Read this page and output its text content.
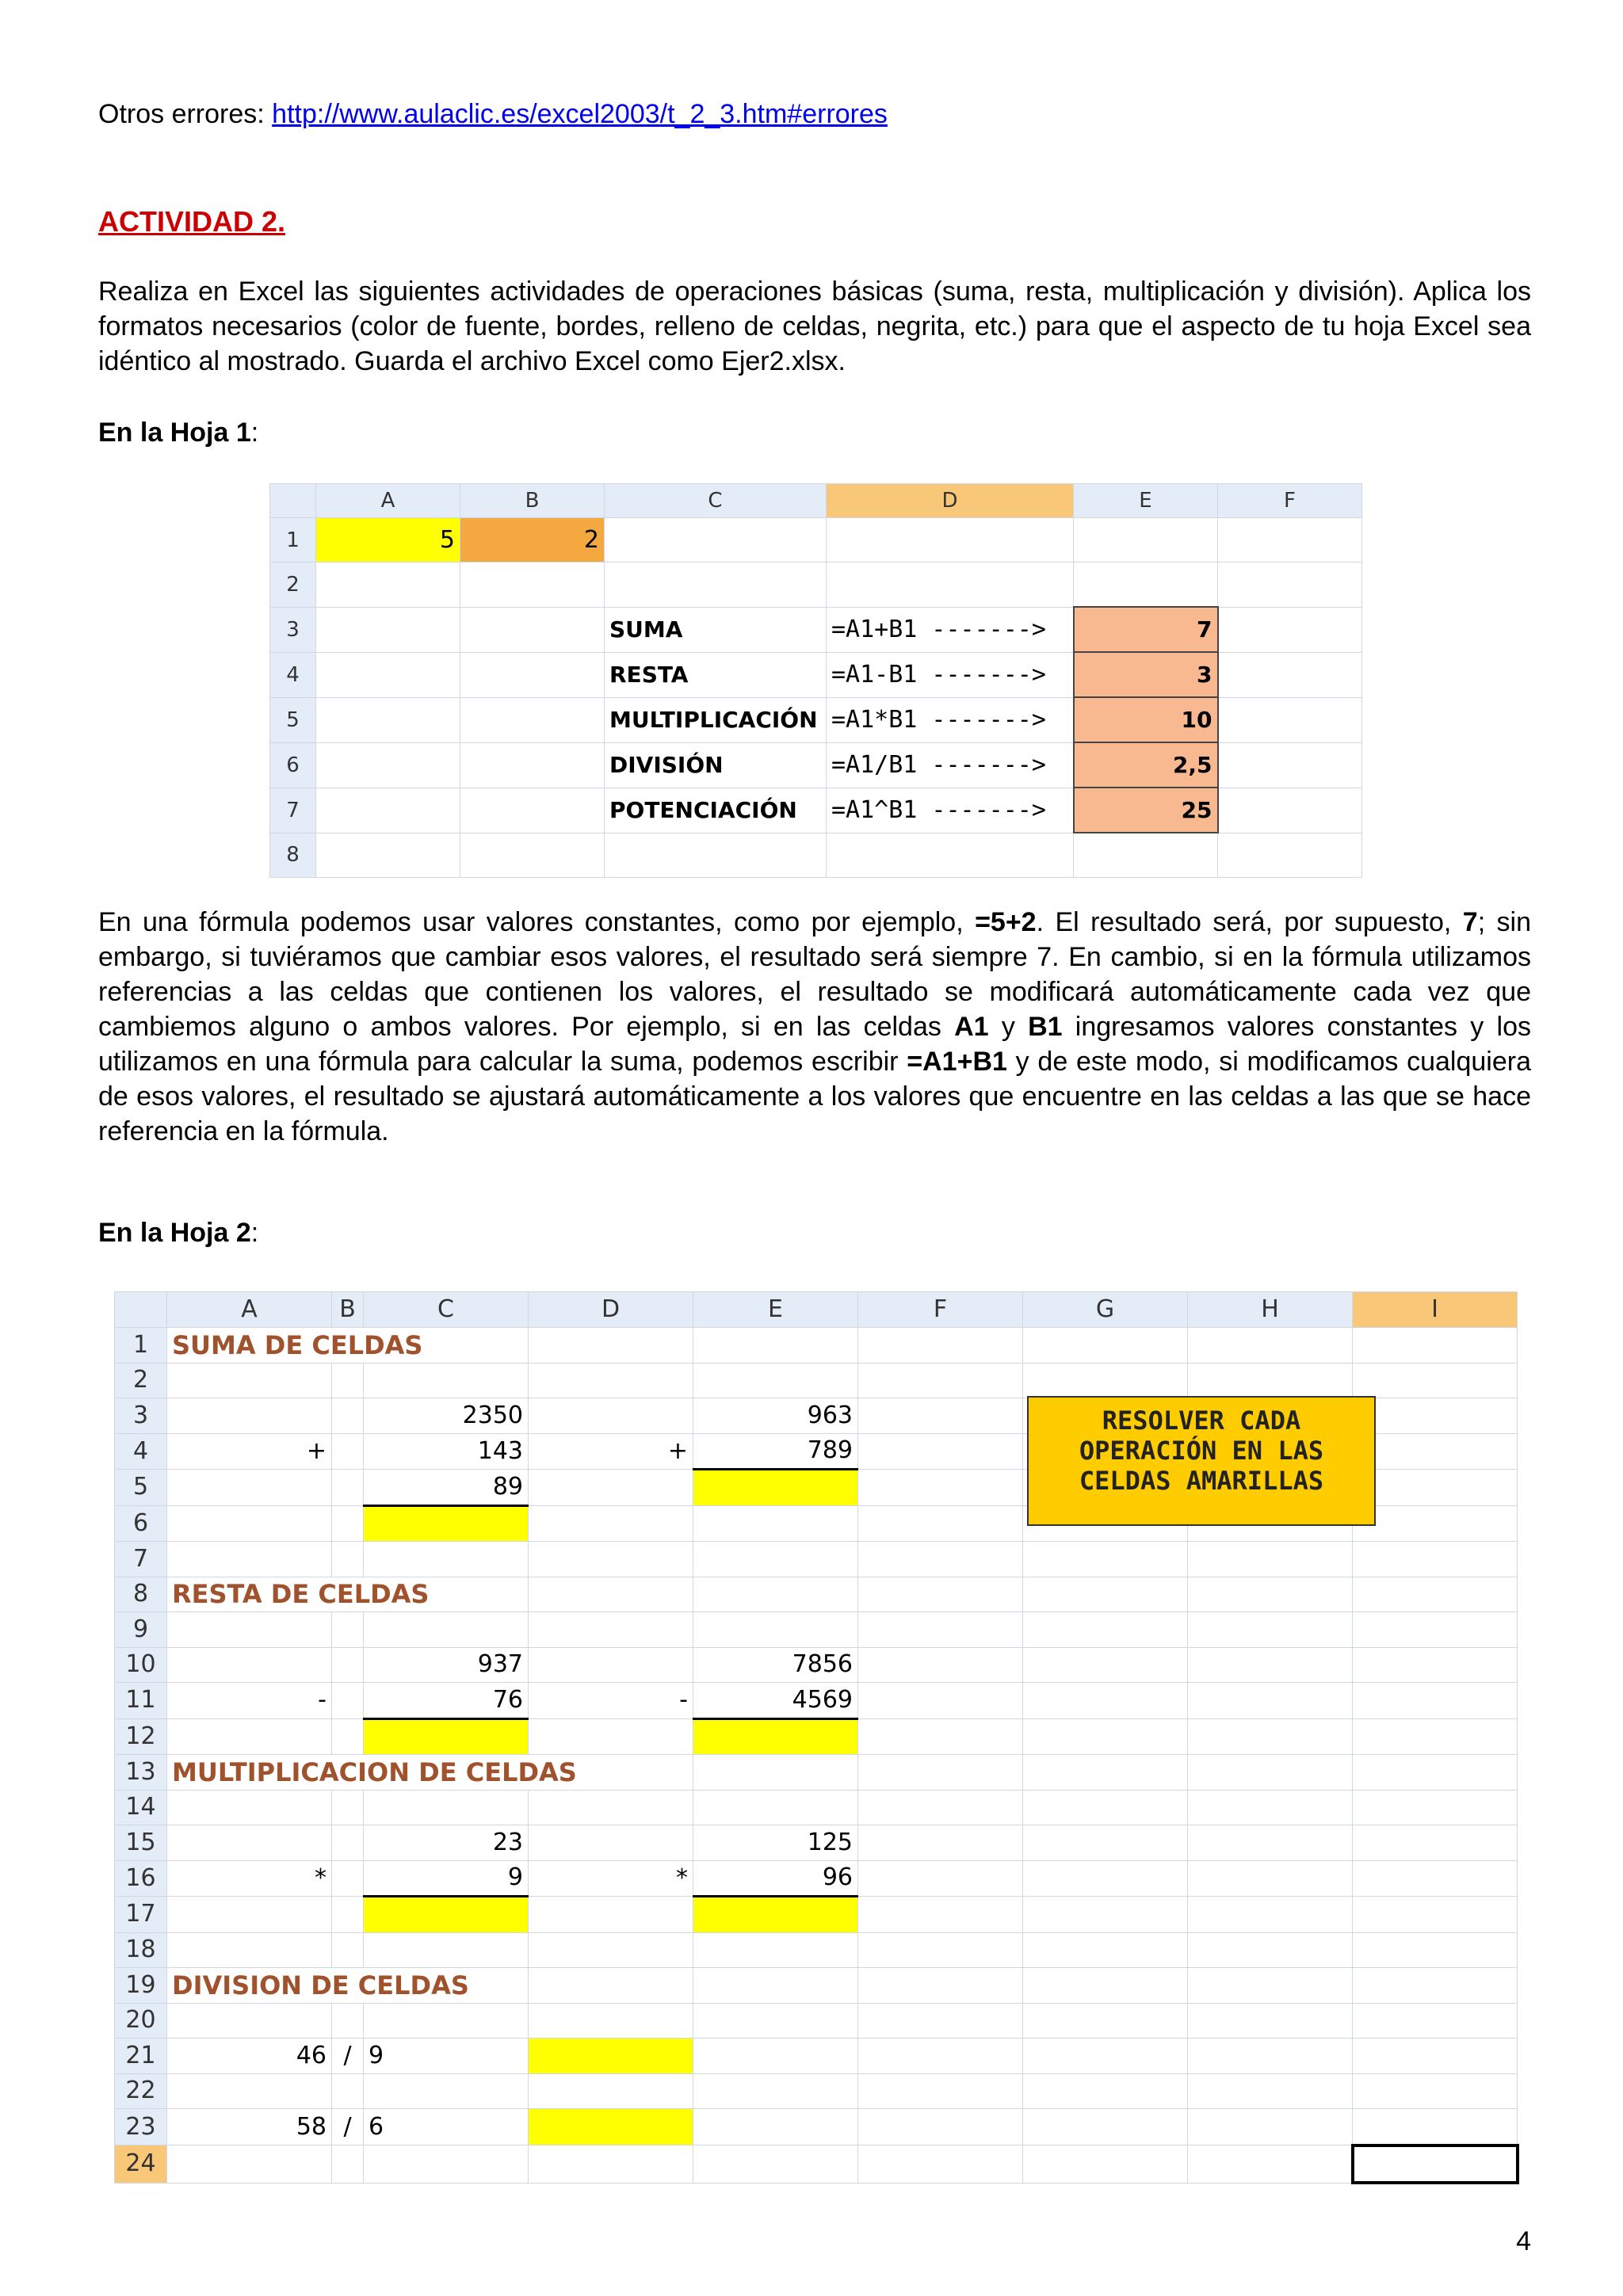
Otros errores: http://www.aulaclic.es/excel2003/t_2_3.htm#errores
ACTIVIDAD 2.
Realiza en Excel las siguientes actividades de operaciones básicas (suma, resta, multiplicación y división). Aplica los formatos necesarios (color de fuente, bordes, relleno de celdas, negrita, etc.) para que el aspecto de tu hoja Excel sea idéntico al mostrado. Guarda el archivo Excel como Ejer2.xlsx.
En la Hoja 1:
	A	B	C	D	E	F
1	5	2				
2						
3			SUMA	=A1+B1 ------->	7	
4			RESTA	=A1-B1 ------->	3	
5			MULTIPLICACIÓN	=A1*B1 ------->	10	
6			DIVISIÓN	=A1/B1 ------->	2,5	
7			POTENCIACIÓN	=A1^B1 ------->	25	
8						
En una fórmula podemos usar valores constantes, como por ejemplo, =5+2. El resultado será, por supuesto, 7; sin embargo, si tuviéramos que cambiar esos valores, el resultado será siempre 7. En cambio, si en la fórmula utilizamos referencias a las celdas que contienen los valores, el resultado se modificará automáticamente cada vez que cambiemos alguno o ambos valores. Por ejemplo, si en las celdas A1 y B1 ingresamos valores constantes y los utilizamos en una fórmula para calcular la suma, podemos escribir =A1+B1 y de este modo, si modificamos cualquiera de esos valores, el resultado se ajustará automáticamente a los valores que encuentre en las celdas a las que se hace referencia en la fórmula.
En la Hoja 2:
	A	B	C	D	E	F	G	H	I
1	SUMA DE CELDAS								
2									
3			2350		963				
4	+		143	+	789				
5			89						
6									
7									
8	RESTA DE CELDAS								
9									
10			937		7856				
11	-		76	-	4569				
12									
13	MULTIPLICACION DE CELDAS								
14									
15			23		125				
16	*		9	*	96				
17									
18									
19	DIVISION DE CELDAS								
20									
21	46	/	9						
22									
23	58	/	6						
24									
RESOLVER CADA OPERACIÓN EN LAS CELDAS AMARILLAS
4
